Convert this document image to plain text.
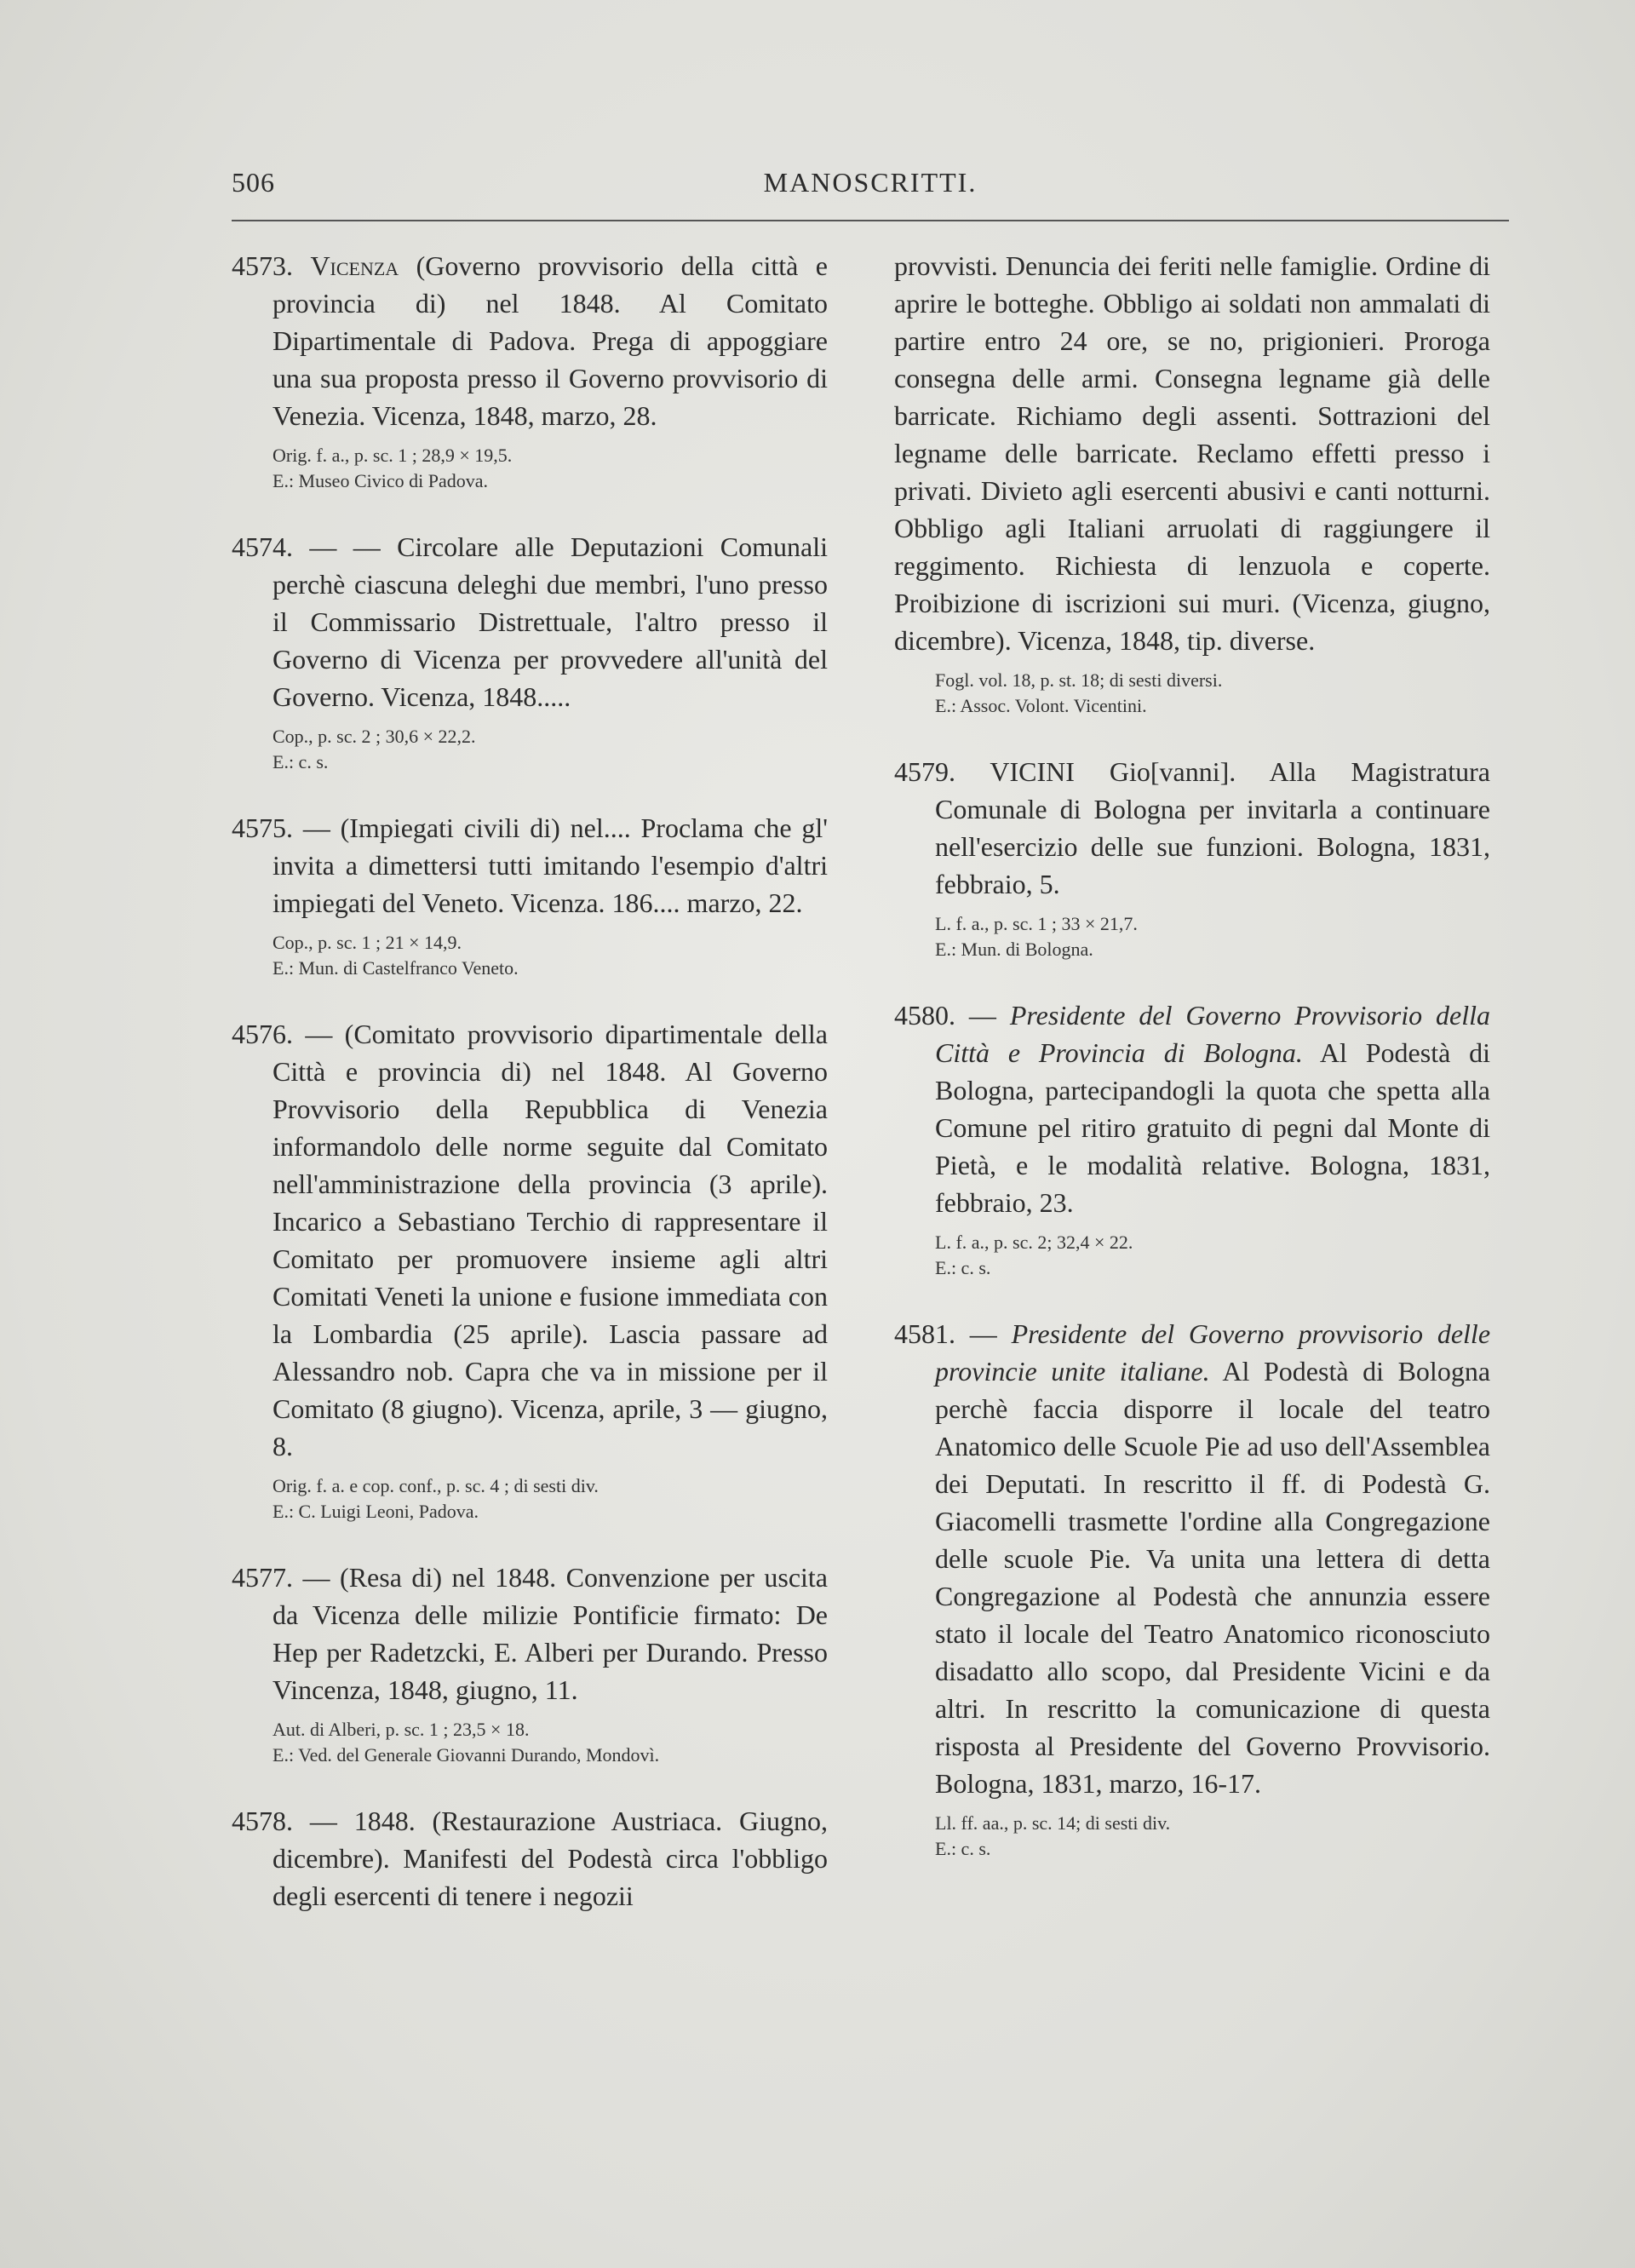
506	MANOSCRITTI.
4573. Vicenza (Governo provvisorio della città e provincia di) nel 1848. Al Comitato Dipartimentale di Padova. Prega di appoggiare una sua proposta presso il Governo provvisorio di Venezia. Vicenza, 1848, marzo, 28.
Orig. f. a., p. sc. 1 ; 28,9 × 19,5.
E.: Museo Civico di Padova.
4574. — — Circolare alle Deputazioni Comunali perchè ciascuna deleghi due membri, l'uno presso il Commissario Distrettuale, l'altro presso il Governo di Vicenza per provvedere all'unità del Governo. Vicenza, 1848.....
Cop., p. sc. 2 ; 30,6 × 22,2.
E.: c. s.
4575. — (Impiegati civili di) nel.... Proclama che gl' invita a dimettersi tutti imitando l'esempio d'altri impiegati del Veneto. Vicenza. 186.... marzo, 22.
Cop., p. sc. 1 ; 21 × 14,9.
E.: Mun. di Castelfranco Veneto.
4576. — (Comitato provvisorio dipartimentale della Città e provincia di) nel 1848. Al Governo Provvisorio della Repubblica di Venezia informandolo delle norme seguite dal Comitato nell'amministrazione della provincia (3 aprile). Incarico a Sebastiano Terchio di rappresentare il Comitato per promuovere insieme agli altri Comitati Veneti la unione e fusione immediata con la Lombardia (25 aprile). Lascia passare ad Alessandro nob. Capra che va in missione per il Comitato (8 giugno). Vicenza, aprile, 3 — giugno, 8.
Orig. f. a. e cop. conf., p. sc. 4 ; di sesti div.
E.: C. Luigi Leoni, Padova.
4577. — (Resa di) nel 1848. Convenzione per uscita da Vicenza delle milizie Pontificie firmato: De Hep per Radetzcki, E. Alberi per Durando. Presso Vincenza, 1848, giugno, 11.
Aut. di Alberi, p. sc. 1 ; 23,5 × 18.
E.: Ved. del Generale Giovanni Durando, Mondovì.
4578. — 1848. (Restaurazione Austriaca. Giugno, dicembre). Manifesti del Podestà circa l'obbligo degli esercenti di tenere i negozii
provvisti. Denuncia dei feriti nelle famiglie. Ordine di aprire le botteghe. Obbligo ai soldati non ammalati di partire entro 24 ore, se no, prigionieri. Proroga consegna delle armi. Consegna legname già delle barricate. Richiamo degli assenti. Sottrazioni del legname delle barricate. Reclamo effetti presso i privati. Divieto agli esercenti abusivi e canti notturni. Obbligo agli Italiani arruolati di raggiungere il reggimento. Richiesta di lenzuola e coperte. Proibizione di iscrizioni sui muri. (Vicenza, giugno, dicembre). Vicenza, 1848, tip. diverse.
Fogl. vol. 18, p. st. 18; di sesti diversi.
E.: Assoc. Volont. Vicentini.
4579. VICINI Gio[vanni]. Alla Magistratura Comunale di Bologna per invitarla a continuare nell'esercizio delle sue funzioni. Bologna, 1831, febbraio, 5.
L. f. a., p. sc. 1 ; 33 × 21,7.
E.: Mun. di Bologna.
4580. — Presidente del Governo Provvisorio della Città e Provincia di Bologna. Al Podestà di Bologna, partecipandogli la quota che spetta alla Comune pel ritiro gratuito di pegni dal Monte di Pietà, e le modalità relative. Bologna, 1831, febbraio, 23.
L. f. a., p. sc. 2; 32,4 × 22.
E.: c. s.
4581. — Presidente del Governo provvisorio delle provincie unite italiane. Al Podestà di Bologna perchè faccia disporre il locale del teatro Anatomico delle Scuole Pie ad uso dell'Assemblea dei Deputati. In rescritto il ff. di Podestà G. Giacomelli trasmette l'ordine alla Congregazione delle scuole Pie. Va unita una lettera di detta Congregazione al Podestà che annunzia essere stato il locale del Teatro Anatomico riconosciuto disadatto allo scopo, dal Presidente Vicini e da altri. In rescritto la comunicazione di questa risposta al Presidente del Governo Provvisorio. Bologna, 1831, marzo, 16-17.
Ll. ff. aa., p. sc. 14; di sesti div.
E.: c. s.
